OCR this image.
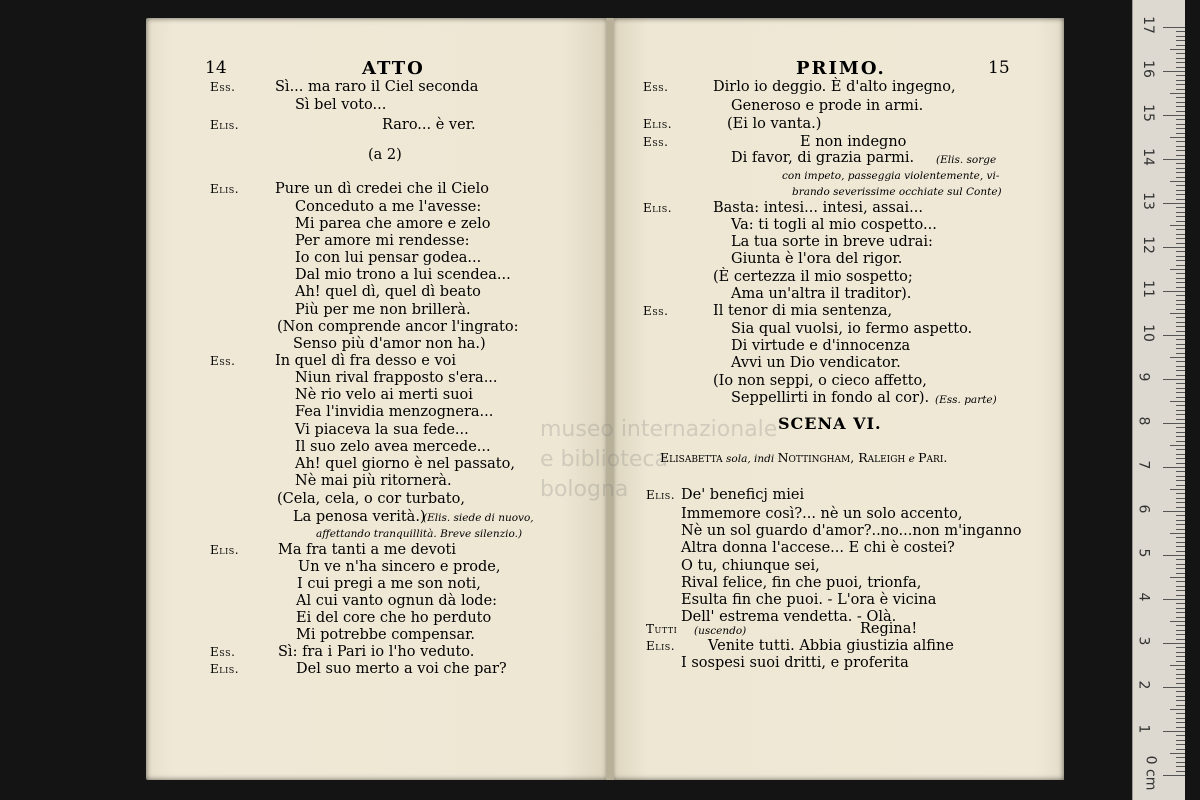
museo internazionale
e biblioteca
bologna
0 cm
1
2
3
4
5
6
7
8
9
10
11
12
13
14
15
16
17
14	ATTO
Ess.	Sì... ma raro il Ciel seconda
Sì bel voto...
Elis.	Raro... è ver.
(a 2)
Elis. Pure un dì credei che il Cielo
Conceduto a me l'avesse:
Mi parea che amore e zelo
Per amore mi rendesse:
Io con lui pensar godea...
Dal mio trono a lui scendea...
Ah! quel dì, quel dì beato
Più per me non brillerà.
(Non comprende ancor l'ingrato:
Senso più d'amor non ha.)
Ess.	In quel dì fra desso e voi
Niun rival frapposto s'era...
Nè rio velo ai merti suoi
Fea l'invidia menzognera...
Vi piaceva la sua fede...
Il suo zelo avea mercede...
Ah! quel giorno è nel passato,
Nè mai più ritornerà.
(Cela, cela, o cor turbato,
La penosa verità.)
(Elis. siede di nuovo,
affettando tranquillità. Breve silenzio.)
Elis.	Ma fra tanti a me devoti
Un ve n'ha sincero e prode,
I cui pregi a me son noti,
Al cui vanto ognun dà lode:
Ei del core che ho perduto
Mi potrebbe compensar.
Ess.	Sì: fra i Pari io l'ho veduto.
Elis.	Del suo merto a voi che par?
PRIMO.	15
Ess.	Dirlo io deggio. È d'alto ingegno,
Generoso e prode in armi.
Elis.	(Ei lo vanta.)
Ess.	E non indegno
Di favor, di grazia parmi. (Elis. sorge
con impeto, passeggia violentemente, vi-
brando severissime occhiate sul Conte)
Elis.	Basta: intesi... intesi, assai...
Va: ti togli al mio cospetto...
La tua sorte in breve udrai:
Giunta è l'ora del rigor.
(È certezza il mio sospetto;
Ama un'altra il traditor).
Ess.	Il tenor di mia sentenza,
Sia qual vuolsi, io fermo aspetto.
Di virtude e d'innocenza
Avvi un Dio vendicator.
(Io non seppi, o cieco affetto,
Seppellirti in fondo al cor). (Ess. parte)
SCENA VI.
Elisabetta sola, indi Nottingham, Raleigh e Pari.
Elis. De' beneficj miei
Immemore così?... nè un solo accento,
Nè un sol guardo d'amor?..no...non m'inganno
Altra donna l'accese... E chi è costei?
O tu, chiunque sei,
Rival felice, fin che puoi, trionfa,
Esulta fin che puoi. - L'ora è vicina
Dell' estrema vendetta. - Olà.
Tutti	Regina!
(uscendo)
Elis. Venite tutti. Abbia giustizia alfine
I sospesi suoi dritti, e proferita
